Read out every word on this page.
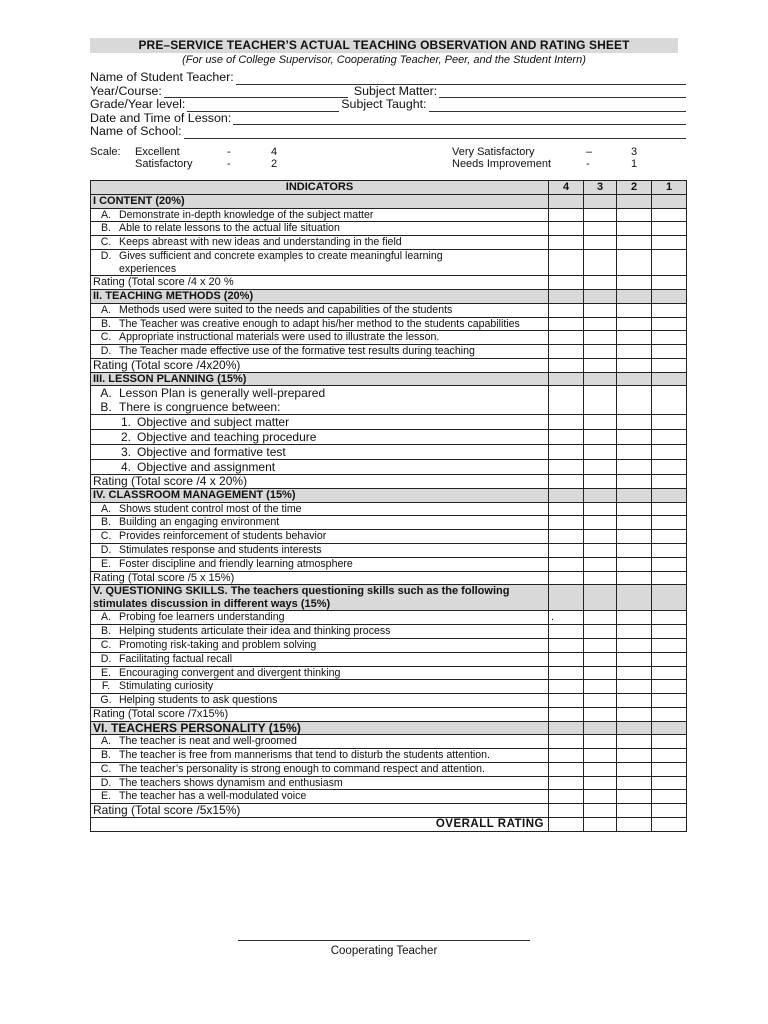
PRE–SERVICE TEACHER’S ACTUAL TEACHING OBSERVATION AND RATING SHEET
(For use of College Supervisor, Cooperating Teacher, Peer, and the Student Intern)
Name of Student Teacher:
Year/Course:	Subject Matter:
Grade/Year level:	Subject Taught:
Date and Time of Lesson:
Name of School:
Scale: Excellent	-	4
Satisfactory	-	2
Very Satisfactory	–	3
Needs Improvement	-	1
INDICATORS	4	3	2	1
I CONTENT (20%)				

A. Demonstrate in-depth knowledge of the subject matter				

B. Able to relate lessons to the actual life situation				

C. Keeps abreast with new ideas and understanding in the field				

D. Gives sufficient and concrete examples to create meaningful learning experiences				

Rating (Total score /4 x 20 %				
II. TEACHING METHODS (20%)				

A. Methods used were suited to the needs and capabilities of the students				

B. The Teacher was creative enough to adapt his/her method to the students capabilities				

C. Appropriate instructional materials were used to illustrate the lesson.				

D. The Teacher made effective use of the formative test results during teaching				

Rating (Total score /4x20%)				
III. LESSON PLANNING (15%)				

A. Lesson Plan is generally well-prepared
B. There is congruence between:				

1. Objective and subject matter				

2. Objective and teaching procedure				

3. Objective and formative test				

4. Objective and assignment				

Rating (Total score /4 x 20%)				
IV. CLASSROOM MANAGEMENT (15%)				

A. Shows student control most of the time				

B. Building an engaging environment				

C. Provides reinforcement of students behavior				

D. Stimulates response and students interests				

E. Foster discipline and friendly learning atmosphere				

Rating (Total score /5 x 15%)				
V. QUESTIONING SKILLS. The teachers questioning skills such as the following stimulates discussion in different ways (15%)				

A. Probing foe learners understanding	.			

B. Helping students articulate their idea and thinking process				

C. Promoting risk-taking and problem solving				

D. Facilitating factual recall				

E. Encouraging convergent and divergent thinking				

F. Stimulating curiosity				

G. Helping students to ask questions				

Rating (Total score /7x15%)				
VI. TEACHERS PERSONALITY (15%)				

A. The teacher is neat and well-groomed				

B. The teacher is free from mannerisms that tend to disturb the students attention.				

C. The teacher’s personality is strong enough to command respect and attention.				

D. The teachers shows dynamism and enthusiasm				

E. The teacher has a well-modulated voice				

Rating (Total score /5x15%)				
OVERALL RATING				
Cooperating Teacher
